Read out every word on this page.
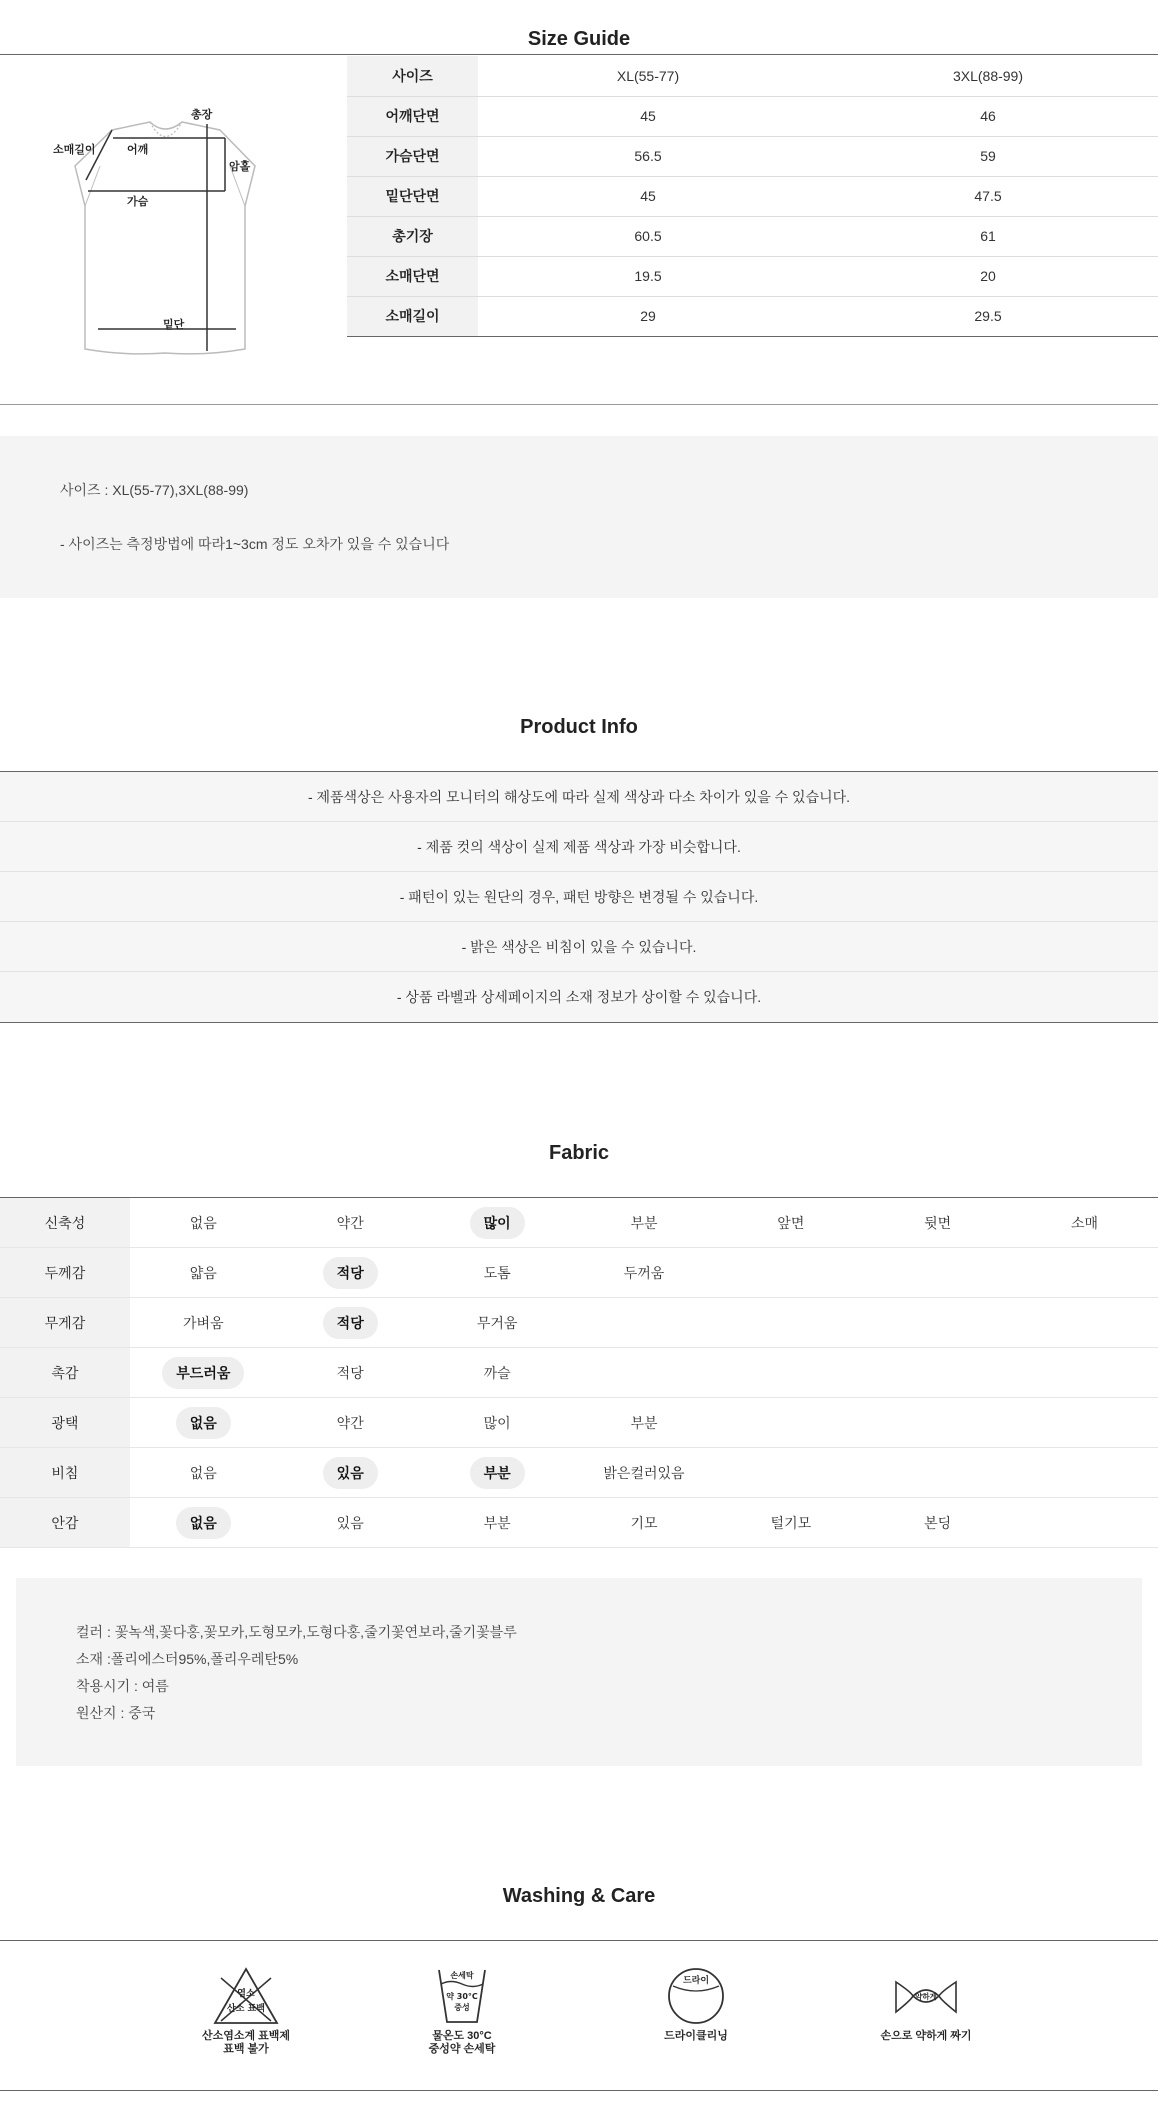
Size Guide
총장
소매길이	어깨
암홀
가슴
밑단
사이즈	XL(55-77)	3XL(88-99)
어깨단면	45	46
가슴단면	56.5	59
밑단단면	45	47.5
총기장	60.5	61
소매단면	19.5	20
소매길이	29	29.5

사이즈 : XL(55-77),3XL(88-99)

- 사이즈는 측정방법에 따라1~3cm 정도 오차가 있을 수 있습니다

Product Info
- 제품색상은 사용자의 모니터의 해상도에 따라 실제 색상과 다소 차이가 있을 수 있습니다.
- 제품 컷의 색상이 실제 제품 색상과 가장 비슷합니다.
- 패턴이 있는 원단의 경우, 패턴 방향은 변경될 수 있습니다.
- 밝은 색상은 비침이 있을 수 있습니다.
- 상품 라벨과 상세페이지의 소재 정보가 상이할 수 있습니다.
Fabric
신축성	없음	약간	많이	부분	앞면	뒷면	소매
두께감	얇음	적당	도톰	두꺼움			
무게감	가벼움	적당	무거움				
촉감	부드러움	적당	까슬				
광택	없음	약간	많이	부분			
비침	없음	있음	부분	밝은컬러있음			
안감	없음	있음	부분	기모	털기모	본딩	

컬러 : 꽃녹색,꽃다홍,꽃모카,도형모카,도형다홍,줄기꽃연보라,줄기꽃블루

소재 :폴리에스터95%,폴리우레탄5%

착용시기 : 여름

원산지 : 중국

Washing & Care
염소
산소 표백
산소염소계 표백제
표백 불가
손세탁
약 30°C
중성
물온도 30°C
중성약 손세탁
드라이
드라이클리닝
약하게
손으로 약하게 짜기
